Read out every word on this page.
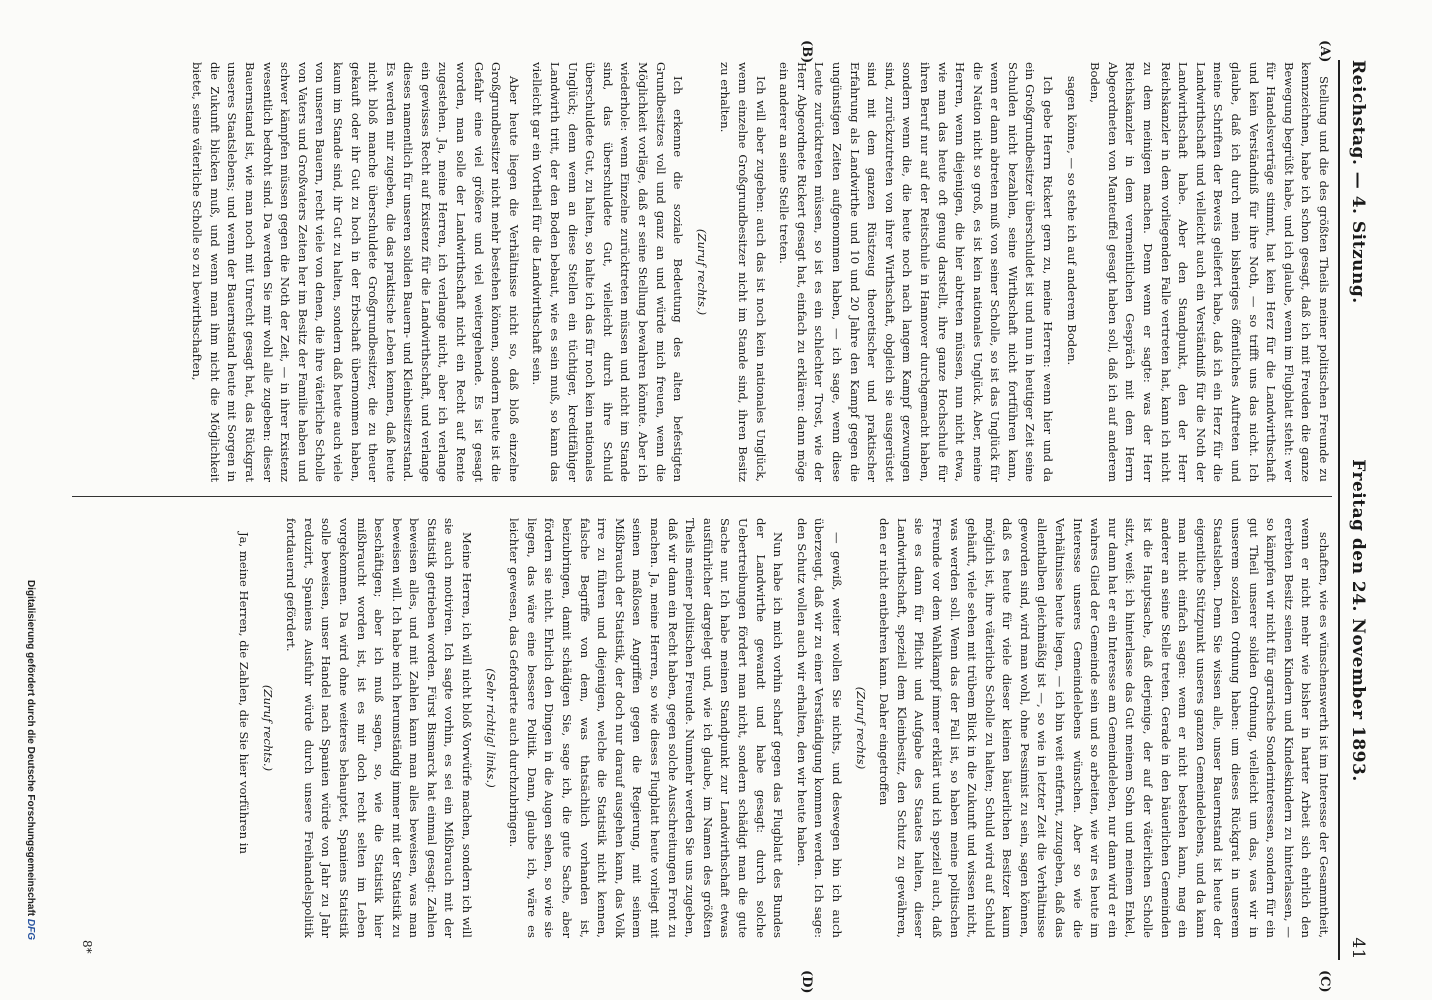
Reichstag. — 4. Sitzung.
Freitag den 24. November 1893.
41
(A)
(B)
(C)
(D)

Stellung und die des größten Theils meiner politischen Freunde zu kennzeichnen, habe ich schon gesagt, daß ich mit Freuden die ganze Bewegung begrüßt habe, und ich glaube, wenn im Flugblatt steht: wer für Handelsverträge stimmt, hat kein Herz für die Landwirthschaft und kein Verständniß für ihre Noth, — so trifft uns das nicht. Ich glaube, daß ich durch mein bisheriges öffentliches Auftreten und meine Schriften der Beweis geliefert habe, daß ich ein Herz für die Landwirthschaft und vielleicht auch ein Verständniß für die Noth der Landwirthschaft habe. Aber den Standpunkt, den der Herr Reichskanzler in dem vorliegenden Falle vertreten hat, kann ich nicht zu dem meinigen machen. Denn wenn er sagte: was der Herr Reichskanzler in dem vermeintlichen Gespräch mit dem Herrn Abgeordneten von Manteuffel gesagt haben soll, daß ich auf anderem Boden,

sagen könne, — so stehe ich auf anderem Boden.

Ich gebe Herrn Rickert gern zu, meine Herren: wenn hier und da ein Großgrundbesitzer überschuldet ist und nun in heutiger Zeit seine Schulden nicht bezahlen, seine Wirthschaft nicht fortführen kann, wenn er dann abtreten muß von seiner Scholle, so ist das Unglück für die Nation nicht so groß, es ist kein nationales Unglück. Aber, meine Herren, wenn diejenigen, die hier abtreten müssen, nun nicht etwa, wie man das heute oft genug darstellt, ihre ganze Hochschule für ihren Beruf nur auf der Reitschule in Hannover durchgemacht haben, sondern wenn die, die heute noch nach langem Kampf gezwungen sind, zurückzutreten von ihrer Wirthschaft, obgleich sie ausgerüstet sind mit dem ganzen Rüstzeug theoretischer und praktischer Erfahrung als Landwirthe und 10 und 20 Jahre den Kampf gegen die ungünstigen Zeiten aufgenommen haben, — ich sage, wenn diese Leute zurücktreten müssen, so ist es ein schlechter Trost, wie der Herr Abgeordnete Rickert gesagt hat, einfach zu erklären: dann möge ein anderer an seine Stelle treten.

Ich will aber zugeben: auch das ist noch kein nationales Unglück, wenn einzelne Großgrundbesitzer nicht im Stande sind, ihren Besitz zu erhalten.

(Zuruf rechts.)

Ich erkenne die soziale Bedeutung des alten befestigten Grundbesitzes voll und ganz an und würde mich freuen, wenn die Möglichkeit vorläge, daß er seine Stellung bewahren könnte. Aber ich wiederhole: wenn Einzelne zurücktreten müssen und nicht im Stande sind, das überschuldete Gut, vielleicht durch ihre Schuld überschuldete Gut, zu halten, so halte ich das für noch kein nationales Unglück; denn wenn an diese Stellen ein tüchtiger, kreditfähiger Landwirth tritt, der den Boden bebaut, wie es sein muß, so kann das vielleicht gar ein Vortheil für die Landwirthschaft sein.

Aber heute liegen die Verhältnisse nicht so, daß bloß einzelne Großgrundbesitzer nicht mehr bestehen können, sondern heute ist die Gefahr eine viel größere und viel weitergehende. Es ist gesagt worden, man solle der Landwirthschaft nicht ein Recht auf Rente zugestehen. Ja, meine Herren, ich verlange nicht, aber ich verlange ein gewisses Recht auf Existenz für die Landwirthschaft, und verlange dieses namentlich für unseren soliden Bauern- und Kleinbesitzerstand. Es werden mir zugeben, die das praktische Leben kennen, daß heute nicht bloß manche überschuldete Großgrundbesitzer, die zu theuer gekauft oder ihr Gut zu hoch in der Erbschaft übernommen haben, kaum im Stande sind, ihr Gut zu halten, sondern daß heute auch viele von unseren Bauern, recht viele von denen, die ihre väterliche Scholle von Vaters und Großvaters Zeiten her im Besitz der Familie haben und schwer kämpfen müssen gegen die Noth der Zeit, — in ihrer Existenz wesentlich bedroht sind. Da werden Sie mir wohl alle zugeben: dieser Bauernstand ist, wie man noch mit Unrecht gesagt hat, das Rückgrat unseres Staatslebens; und wenn der Bauernstand heute mit Sorgen in die Zukunft blicken muß, und wenn man ihm nicht die Möglichkeit bietet, seine väterliche Scholle so zu bewirthschaften,

schaften, wie es wünschenswerth ist im Interesse der Gesammtheit, wenn er nicht mehr wie bisher in harter Arbeit sich ehrlich den ererbten Besitz seinen Kindern und Kindeskindern zu hinterlassen, — so kämpfen wir nicht für agrarische Sonderinteressen, sondern für ein gut Theil unserer soliden Ordnung, vielleicht um das, was wir in unserem sozialen Ordnung haben: um dieses Rückgrat in unserem Staatsleben. Denn Sie wissen alle, unser Bauernstand ist heute der eigentliche Stützpunkt unseres ganzen Gemeindelebens, und da kann man nicht einfach sagen: wenn er nicht bestehen kann, mag ein anderer an seine Stelle treten. Gerade in den bäuerlichen Gemeinden ist die Hauptsache, daß derjenige, der auf der väterlichen Scholle sitzt, weiß: ich hinterlasse das Gut meinem Sohn und meinem Enkel, nur dann hat er ein Interesse am Gemeindeleben, nur dann wird er ein wahres Glied der Gemeinde sein und so arbeiten, wie wir es heute im Interesse unseres Gemeindelebens wünschen. Aber so wie die Verhältnisse heute liegen, — ich bin weit entfernt, zuzugeben, daß das allenthalben gleichmäßig ist —, so wie in letzter Zeit die Verhältnisse geworden sind, wird man wohl, ohne Pessimist zu sein, sagen können, daß es heute für viele dieser kleinen bäuerlichen Besitzer kaum möglich ist, ihre väterliche Scholle zu halten; Schuld wird auf Schuld gehäuft, viele sehen mit trübem Blick in die Zukunft und wissen nicht, was werden soll. Wenn das der Fall ist, so haben meine politischen Freunde vor dem Wahlkampf immer erklärt und ich speziell auch, daß sie es dann für Pflicht und Aufgabe des Staates halten, dieser Landwirthschaft, speziell dem Kleinbesitz, den Schutz zu gewähren, den er nicht entbehren kann. Daher eingetroffen

(Zuruf rechts)

— gewiß, weiter wollen Sie nichts, und deswegen bin ich auch überzeugt, daß wir zu einer Verständigung kommen werden. Ich sage: den Schutz wollen auch wir erhalten, den wir heute haben.

Nun habe ich mich vorhin scharf gegen das Flugblatt des Bundes der Landwirthe gewandt und habe gesagt: durch solche Uebertreibungen fördert man nicht, sondern schädigt man die gute Sache nur. Ich habe meinen Standpunkt zur Landwirthschaft etwas ausführlicher dargelegt und, wie ich glaube, im Namen des größten Theils meiner politischen Freunde. Nunmehr werden Sie uns zugeben, daß wir dann ein Recht haben, gegen solche Ausschreitungen Front zu machen. Ja, meine Herren, so wie dieses Flugblatt heute vorliegt mit seinen maßlosen Angriffen gegen die Regierung, mit seinem Mißbrauch der Statistik, der doch nur darauf ausgehen kann, das Volk irre zu führen und diejenigen, welche die Statistik nicht kennen, falsche Begriffe von dem, was thatsächlich vorhanden ist, beizubringen, damit schädigen Sie, sage ich, die gute Sache, aber fördern sie nicht. Ehrlich den Dingen in die Augen sehen, so wie sie liegen, das wäre eine bessere Politik. Dann, glaube ich, wäre es leichter gewesen, das Geforderte auch durchzubringen.

(Sehr richtig! links.)

Meine Herren, ich will nicht bloß Vorwürfe machen, sondern ich will sie auch motiviren. Ich sagte vorhin, es sei ein Mißbrauch mit der Statistik getrieben worden. Fürst Bismarck hat einmal gesagt: Zahlen beweisen alles, und mit Zahlen kann man alles beweisen, was man beweisen will. Ich habe mich herumständig immer mit der Statistik zu beschäftigen; aber ich muß sagen, so, wie die Statistik hier mißbraucht worden ist, ist es mir doch recht selten im Leben vorgekommen. Da wird ohne weiteres behauptet, Spaniens Statistik solle beweisen, unser Handel nach Spanien würde von Jahr zu Jahr reduzirt, Spaniens Ausfuhr würde durch unsere Freihandelspolitik fortdauernd gefördert.

(Zuruf rechts.)

Ja, meine Herren, die Zahlen, die Sie hier vorführen in

8*
Digitalisierung gefördert durch die Deutsche Forschungsgemeinschaft DFG
